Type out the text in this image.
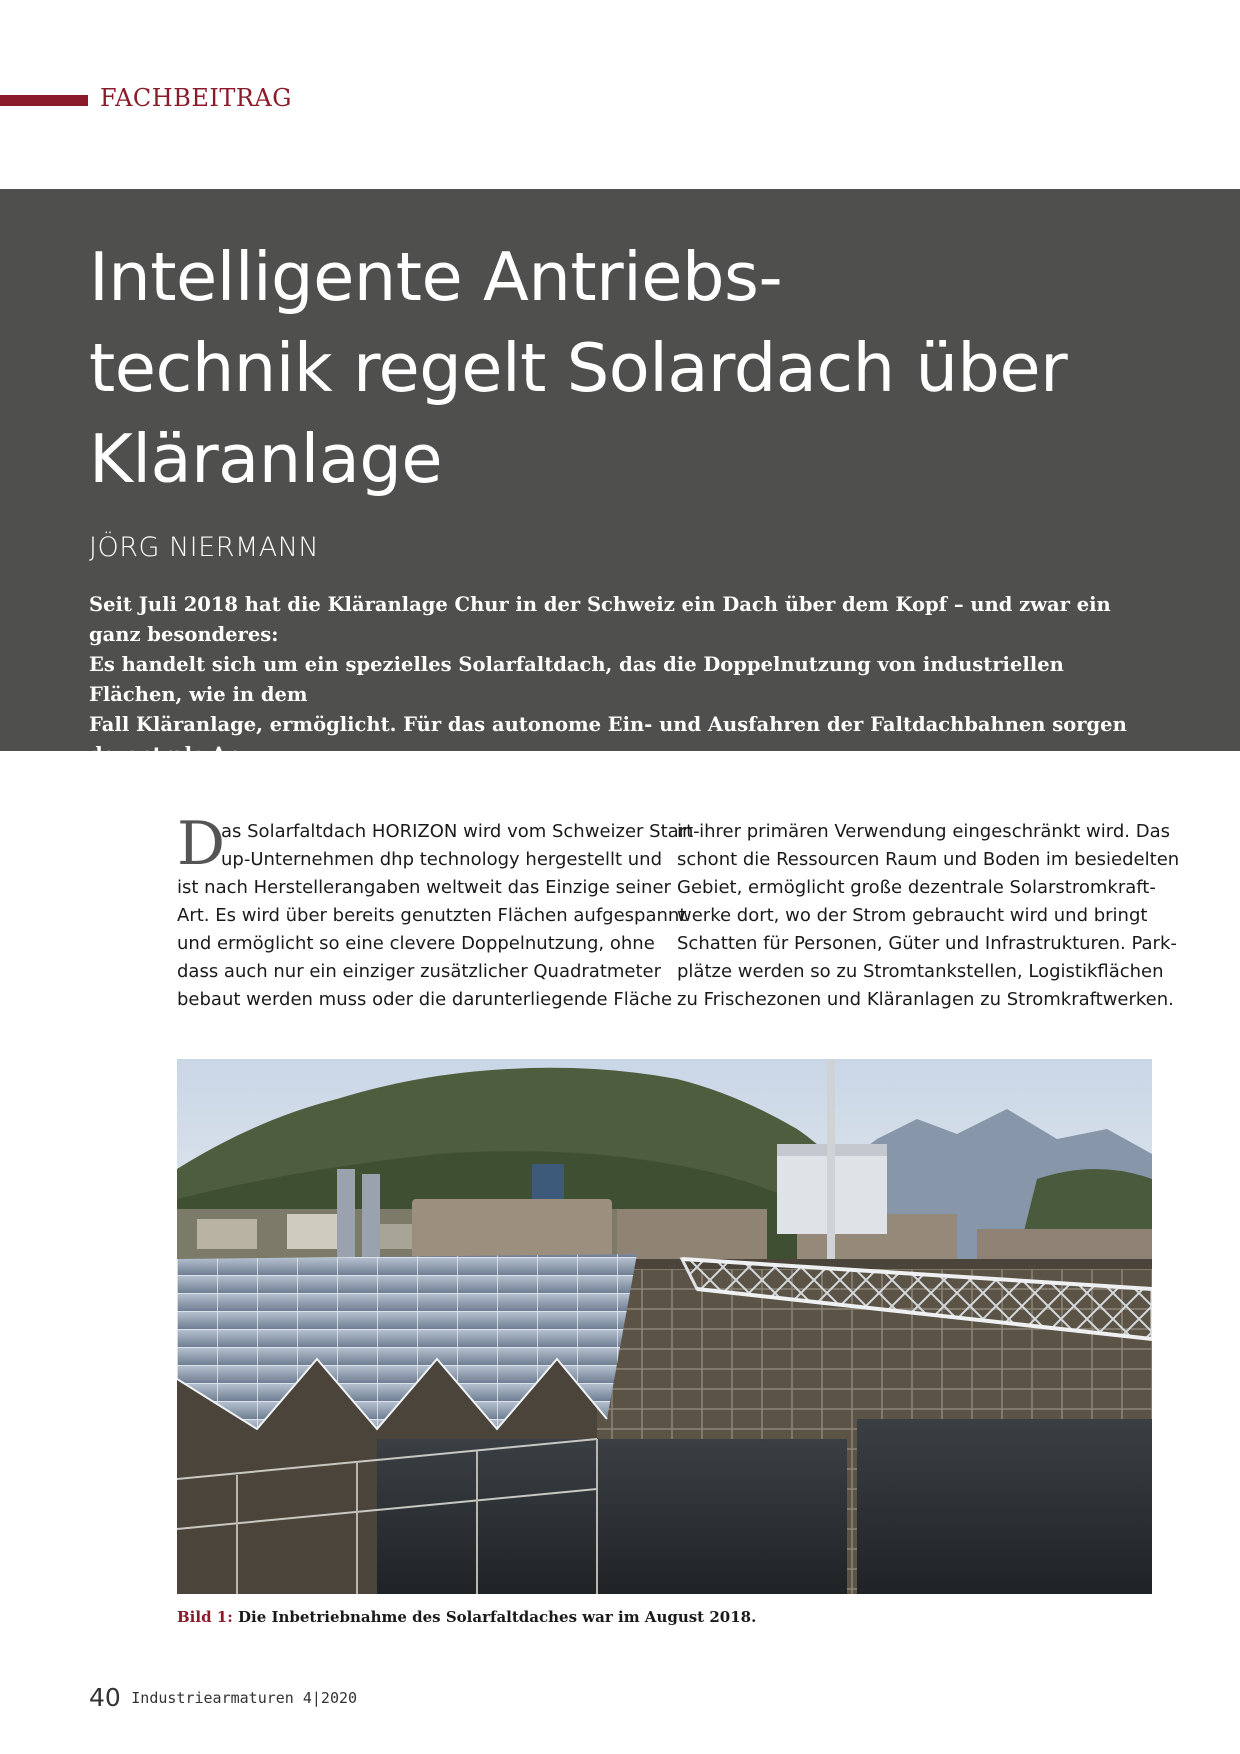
FACHBEITRAG
Intelligente Antriebs-
technik regelt Solardach über
Kläranlage
JÖRG NIERMANN

Seit Juli 2018 hat die Kläranlage Chur in der Schweiz ein Dach über dem Kopf – und zwar ein ganz besonderes:
Es handelt sich um ein spezielles Solarfaltdach, das die Doppelnutzung von industriellen Flächen, wie in dem
Fall Kläranlage, ermöglicht. Für das autonome Ein- und Ausfahren der Faltdachbahnen sorgen dezentrale An-
triebseinheiten von NORD DRIVESYSTEMS.

D
as Solarfaltdach HORIZON wird vom Schweizer Start-
up-Unternehmen dhp technology hergestellt und
ist nach Herstellerangaben weltweit das Einzige seiner
Art. Es wird über bereits genutzten Flächen aufgespannt
und ermöglicht so eine clevere Doppelnutzung, ohne
dass auch nur ein einziger zusätzlicher Quadratmeter
bebaut werden muss oder die darunterliegende Fläche
in ihrer primären Verwendung eingeschränkt wird. Das
schont die Ressourcen Raum und Boden im besiedelten
Gebiet, ermöglicht große dezentrale Solarstromkraft-
werke dort, wo der Strom gebraucht wird und bringt
Schatten für Personen, Güter und Infrastrukturen. Park-
plätze werden so zu Stromtankstellen, Logistikflächen
zu Frischezonen und Kläranlagen zu Stromkraftwerken.
Bild 1: Die Inbetriebnahme des Solarfaltdaches war im August 2018.
40 Industriearmaturen 4|2020
